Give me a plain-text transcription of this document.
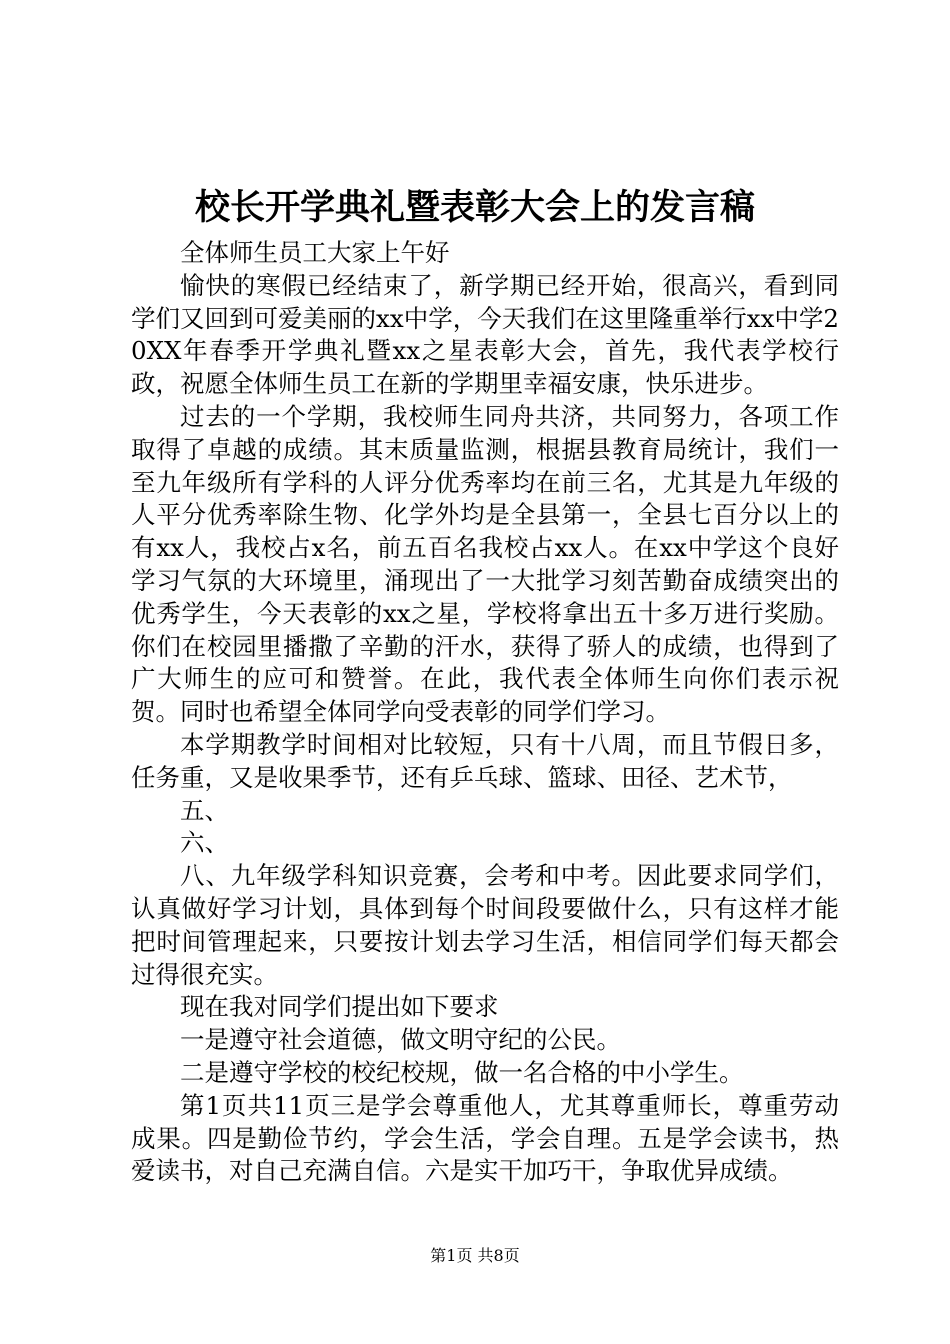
校长开学典礼暨表彰大会上的发言稿

全体师生员工大家上午好

愉快的寒假已经结束了，新学期已经开始，很高兴，看到同学们又回到可爱美丽的xx中学，今天我们在这里隆重举行xx中学20XX年春季开学典礼暨xx之星表彰大会，首先，我代表学校行政，祝愿全体师生员工在新的学期里幸福安康，快乐进步。

过去的一个学期，我校师生同舟共济，共同努力，各项工作取得了卓越的成绩。其末质量监测，根据县教育局统计，我们一至九年级所有学科的人评分优秀率均在前三名，尤其是九年级的人平分优秀率除生物、化学外均是全县第一，全县七百分以上的有xx人，我校占x名，前五百名我校占xx人。在xx中学这个良好学习气氛的大环境里，涌现出了一大批学习刻苦勤奋成绩突出的优秀学生，今天表彰的xx之星，学校将拿出五十多万进行奖励。你们在校园里播撒了辛勤的汗水，获得了骄人的成绩，也得到了广大师生的应可和赞誉。在此，我代表全体师生向你们表示祝贺。同时也希望全体同学向受表彰的同学们学习。

本学期教学时间相对比较短，只有十八周，而且节假日多，任务重，又是收果季节，还有乒乓球、篮球、田径、艺术节，

五、

六、

八、九年级学科知识竞赛，会考和中考。因此要求同学们，认真做好学习计划，具体到每个时间段要做什么，只有这样才能把时间管理起来，只要按计划去学习生活，相信同学们每天都会过得很充实。

现在我对同学们提出如下要求

一是遵守社会道德，做文明守纪的公民。

二是遵守学校的校纪校规，做一名合格的中小学生。

第1页共11页三是学会尊重他人，尤其尊重师长，尊重劳动成果。四是勤俭节约，学会生活，学会自理。五是学会读书，热爱读书，对自己充满自信。六是实干加巧干，争取优异成绩。

第1页 共8页
